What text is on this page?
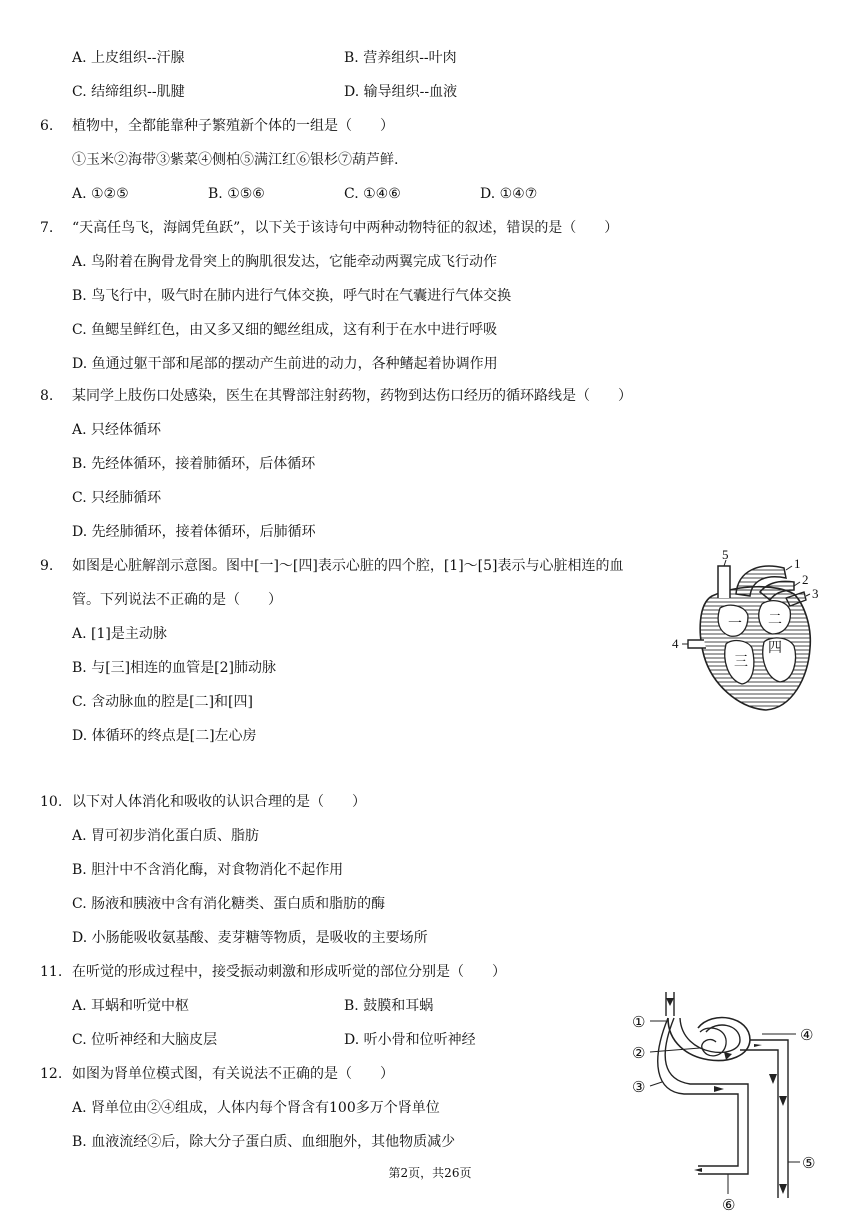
A. 上皮组织--汗腺	B. 营养组织--叶肉
C. 结缔组织--肌腱	D. 输导组织--血液
6. 植物中，全都能靠种子繁殖新个体的一组是（　　）
①玉米②海带③紫菜④侧柏⑤满江红⑥银杉⑦葫芦鲜.
A. ①②⑤	B. ①⑤⑥	C. ①④⑥	D. ①④⑦
7. “天高任鸟飞，海阔凭鱼跃”，以下关于该诗句中两种动物特征的叙述，错误的是（　　）
A. 鸟附着在胸骨龙骨突上的胸肌很发达，它能牵动两翼完成飞行动作
B. 鸟飞行中，吸气时在肺内进行气体交换，呼气时在气囊进行气体交换
C. 鱼鳃呈鲜红色，由又多又细的鳃丝组成，这有利于在水中进行呼吸
D. 鱼通过躯干部和尾部的摆动产生前进的动力，各种鳍起着协调作用
8. 某同学上肢伤口处感染，医生在其臀部注射药物，药物到达伤口经历的循环路线是（　　）
A. 只经体循环
B. 先经体循环，接着肺循环，后体循环
C. 只经肺循环
D. 先经肺循环，接着体循环，后肺循环
9. 如图是心脏解剖示意图。图中[一]～[四]表示心脏的四个腔，[1]～[5]表示与心脏相连的血
管。下列说法不正确的是（　　）
A. [1]是主动脉
B. 与[三]相连的血管是[2]肺动脉
C. 含动脉血的腔是[二]和[四]
D. 体循环的终点是[二]左心房
5
1
2
3
4
一 二
三
四
10. 以下对人体消化和吸收的认识合理的是（　　）
A. 胃可初步消化蛋白质、脂肪
B. 胆汁中不含消化酶，对食物消化不起作用
C. 肠液和胰液中含有消化糖类、蛋白质和脂肪的酶
D. 小肠能吸收氨基酸、麦芽糖等物质，是吸收的主要场所
11. 在听觉的形成过程中，接受振动刺激和形成听觉的部位分别是（　　）
A. 耳蜗和听觉中枢	B. 鼓膜和耳蜗
C. 位听神经和大脑皮层	D. 听小骨和位听神经
12. 如图为肾单位模式图，有关说法不正确的是（　　）
A. 肾单位由②④组成，人体内每个肾含有100多万个肾单位
B. 血液流经②后，除大分子蛋白质、血细胞外，其他物质减少
①
②
③
④
⑤
⑥
第2页，共26页
